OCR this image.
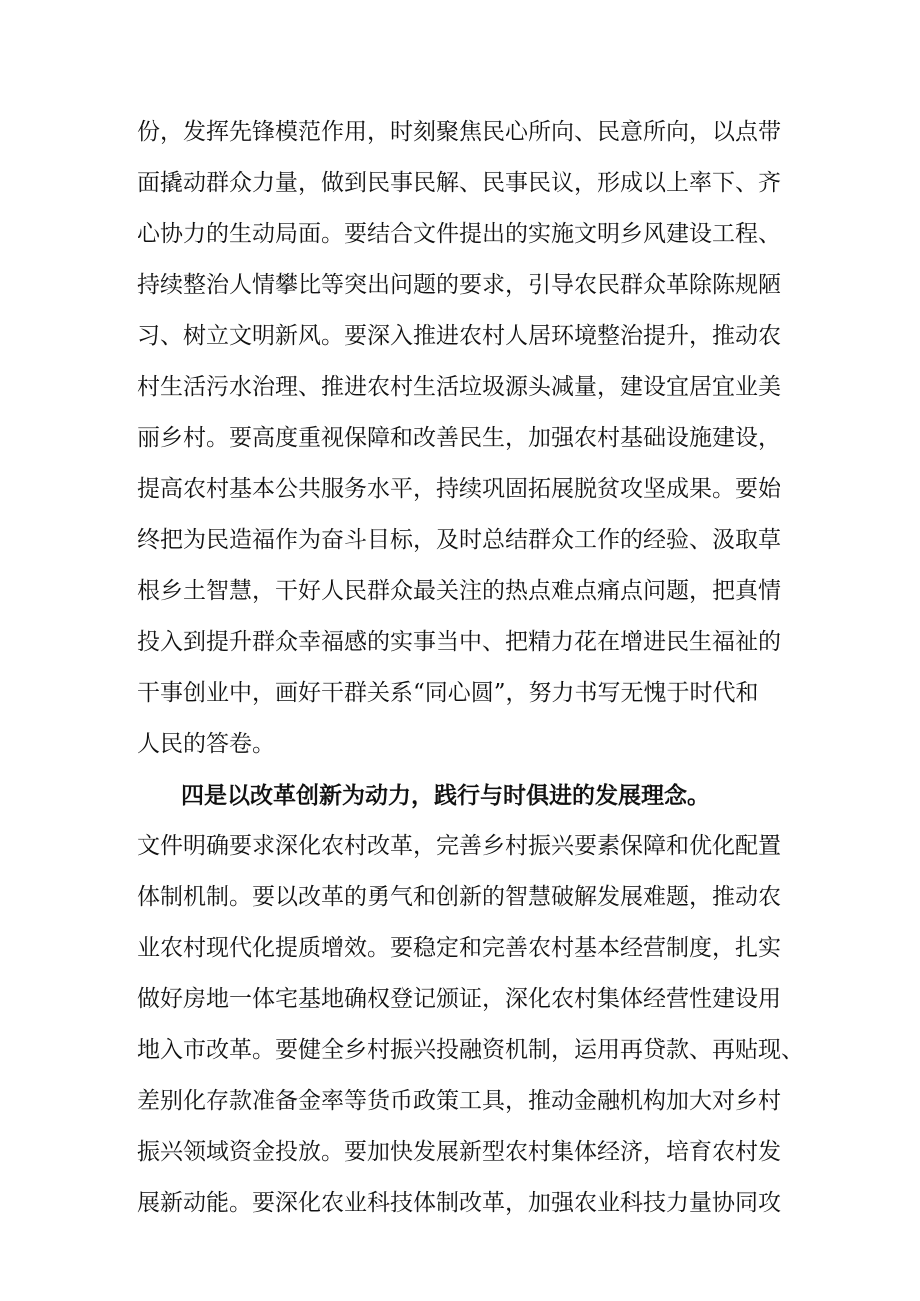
份，发挥先锋模范作用，时刻聚焦民心所向、民意所向，以点带
面撬动群众力量，做到民事民解、民事民议，形成以上率下、齐
心协力的生动局面。要结合文件提出的实施文明乡风建设工程、
持续整治人情攀比等突出问题的要求，引导农民群众革除陈规陋
习、树立文明新风。要深入推进农村人居环境整治提升，推动农
村生活污水治理、推进农村生活垃圾源头减量，建设宜居宜业美
丽乡村。要高度重视保障和改善民生，加强农村基础设施建设，
提高农村基本公共服务水平，持续巩固拓展脱贫攻坚成果。要始
终把为民造福作为奋斗目标，及时总结群众工作的经验、汲取草
根乡土智慧，干好人民群众最关注的热点难点痛点问题，把真情
投入到提升群众幸福感的实事当中、把精力花在增进民生福祉的
干事创业中，画好干群关系“同心圆”，努力书写无愧于时代和
人民的答卷。
四是以改革创新为动力，践行与时俱进的发展理念。
文件明确要求深化农村改革，完善乡村振兴要素保障和优化配置
体制机制。要以改革的勇气和创新的智慧破解发展难题，推动农
业农村现代化提质增效。要稳定和完善农村基本经营制度，扎实
做好房地一体宅基地确权登记颁证，深化农村集体经营性建设用
地入市改革。要健全乡村振兴投融资机制，运用再贷款、再贴现、
差别化存款准备金率等货币政策工具，推动金融机构加大对乡村
振兴领域资金投放。要加快发展新型农村集体经济，培育农村发
展新动能。要深化农业科技体制改革，加强农业科技力量协同攻
